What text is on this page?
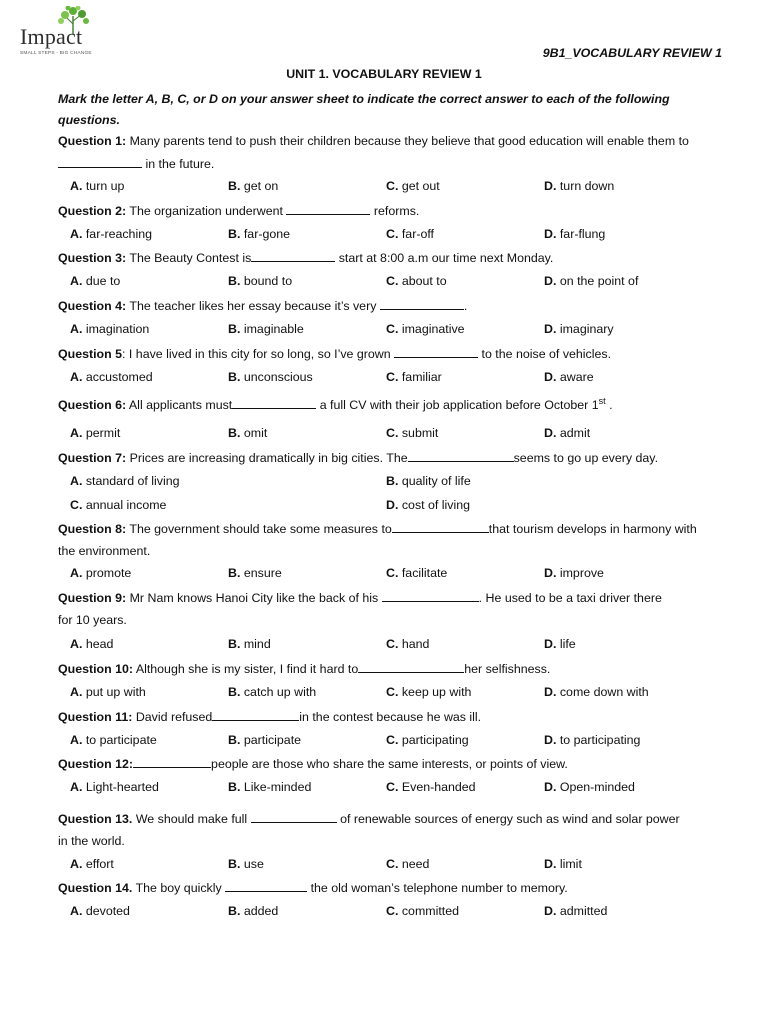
Impact
SMALL STEPS - BIG CHANGE	9B1_VOCABULARY REVIEW 1
UNIT 1. VOCABULARY REVIEW 1
Mark the letter A, B, C, or D on your answer sheet to indicate the correct answer to each of the following questions.
Question 1: Many parents tend to push their children because they believe that good education will enable them to
in the future.
A. turn up	B. get on	C. get out	D. turn down
Question 2: The organization underwent	reforms.
A. far-reaching	B. far-gone	C. far-off	D. far-flung
Question 3: The Beauty Contest is	start at 8:00 a.m our time next Monday.
A. due to	B. bound to	C. about to	D. on the point of
Question 4: The teacher likes her essay because it’s very	.
A. imagination	B. imaginable	C. imaginative	D. imaginary
Question 5: I have lived in this city for so long, so I’ve grown	to the noise of vehicles.
A. accustomed	B. unconscious	C. familiar	D. aware
Question 6: All applicants must	a full CV with their job application before October 1st .
A. permit	B. omit	C. submit	D. admit
Question 7: Prices are increasing dramatically in big cities. The	seems to go up every day.
A. standard of living	B. quality of life
C. annual income	D. cost of living
Question 8: The government should take some measures to	that tourism develops in harmony with
the environment.
A. promote	B. ensure	C. facilitate	D. improve
Question 9: Mr Nam knows Hanoi City like the back of his	. He used to be a taxi driver there
for 10 years.
A. head	B. mind	C. hand	D. life
Question 10: Although she is my sister, I find it hard to	her selfishness.
A. put up with	B. catch up with	C. keep up with	D. come down with
Question 11: David refused	in the contest because he was ill.
A. to participate	B. participate	C. participating	D. to participating
Question 12:	people are those who share the same interests, or points of view.
A. Light-hearted	B. Like-minded	C. Even-handed	D. Open-minded
Question 13. We should make full	of renewable sources of energy such as wind and solar power
in the world.
A. effort	B. use	C. need	D. limit
Question 14. The boy quickly	the old woman’s telephone number to memory.
A. devoted	B. added	C. committed	D. admitted
